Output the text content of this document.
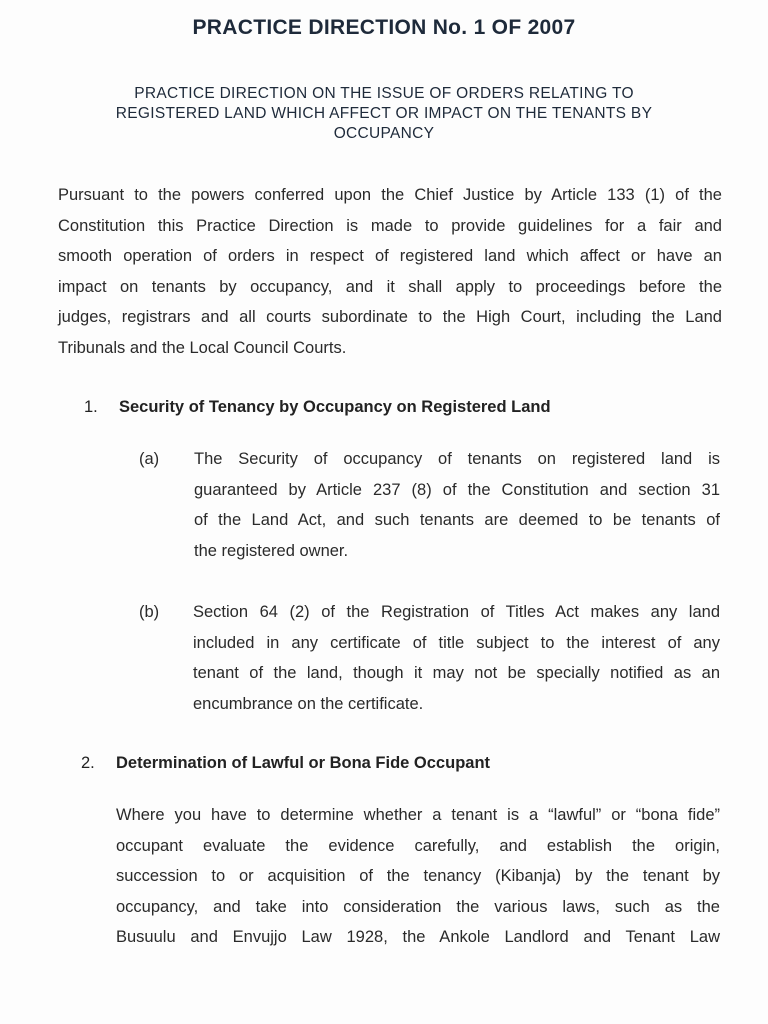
PRACTICE DIRECTION No. 1 OF 2007
PRACTICE DIRECTION ON THE ISSUE OF ORDERS RELATING TO
REGISTERED LAND WHICH AFFECT OR IMPACT ON THE TENANTS BY
OCCUPANCY
Pursuant to the powers conferred upon the Chief Justice by Article 133 (1) of the
Constitution this Practice Direction is made to provide guidelines for a fair and
smooth operation of orders in respect of registered land which affect or have an
impact on tenants by occupancy, and it shall apply to proceedings before the
judges, registrars and all courts subordinate to the High Court, including the Land
Tribunals and the Local Council Courts.
1. Security of Tenancy by Occupancy on Registered Land
(a) The Security of occupancy of tenants on registered land is
guaranteed by Article 237 (8) of the Constitution and section 31
of the Land Act, and such tenants are deemed to be tenants of
the registered owner.
(b) Section 64 (2) of the Registration of Titles Act makes any land
included in any certificate of title subject to the interest of any
tenant of the land, though it may not be specially notified as an
encumbrance on the certificate.
2. Determination of Lawful or Bona Fide Occupant
Where you have to determine whether a tenant is a “lawful” or “bona fide”
occupant evaluate the evidence carefully, and establish the origin,
succession to or acquisition of the tenancy (Kibanja) by the tenant by
occupancy, and take into consideration the various laws, such as the
Busuulu and Envujjo Law 1928, the Ankole Landlord and Tenant Law
